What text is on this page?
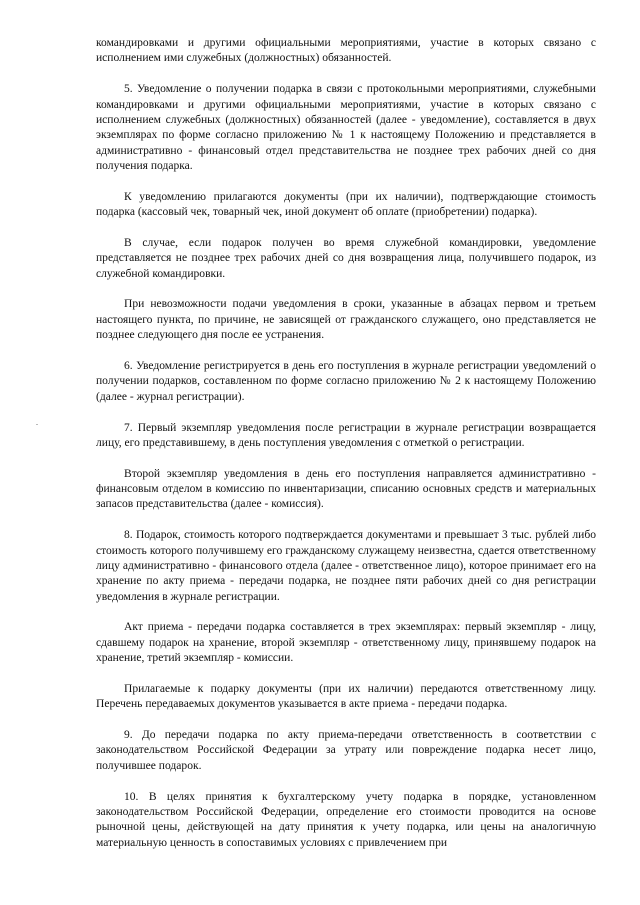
командировками и другими официальными мероприятиями, участие в которых связано с исполнением ими служебных (должностных) обязанностей.

5. Уведомление о получении подарка в связи с протокольными мероприятиями, служебными командировками и другими официальными мероприятиями, участие в которых связано с исполнением служебных (должностных) обязанностей (далее - уведомление), составляется в двух экземплярах по форме согласно приложению № 1 к настоящему Положению и представляется в административно - финансовый отдел представительства не позднее трех рабочих дней со дня получения подарка.

К уведомлению прилагаются документы (при их наличии), подтверждающие стоимость подарка (кассовый чек, товарный чек, иной документ об оплате (приобретении) подарка).

В случае, если подарок получен во время служебной командировки, уведомление представляется не позднее трех рабочих дней со дня возвращения лица, получившего подарок, из служебной командировки.

При невозможности подачи уведомления в сроки, указанные в абзацах первом и третьем настоящего пункта, по причине, не зависящей от гражданского служащего, оно представляется не позднее следующего дня после ее устранения.

6. Уведомление регистрируется в день его поступления в журнале регистрации уведомлений о получении подарков, составленном по форме согласно приложению № 2 к настоящему Положению (далее - журнал регистрации).

7. Первый экземпляр уведомления после регистрации в журнале регистрации возвращается лицу, его представившему, в день поступления уведомления с отметкой о регистрации.

Второй экземпляр уведомления в день его поступления направляется административно - финансовым отделом в комиссию по инвентаризации, списанию основных средств и материальных запасов представительства (далее - комиссия).

8. Подарок, стоимость которого подтверждается документами и превышает 3 тыс. рублей либо стоимость которого получившему его гражданскому служащему неизвестна, сдается ответственному лицу административно - финансового отдела (далее - ответственное лицо), которое принимает его на хранение по акту приема - передачи подарка, не позднее пяти рабочих дней со дня регистрации уведомления в журнале регистрации.

Акт приема - передачи подарка составляется в трех экземплярах: первый экземпляр - лицу, сдавшему подарок на хранение, второй экземпляр - ответственному лицу, принявшему подарок на хранение, третий экземпляр - комиссии.

Прилагаемые к подарку документы (при их наличии) передаются ответственному лицу. Перечень передаваемых документов указывается в акте приема - передачи подарка.

9. До передачи подарка по акту приема-передачи ответственность в соответствии с законодательством Российской Федерации за утрату или повреждение подарка несет лицо, получившее подарок.

10. В целях принятия к бухгалтерскому учету подарка в порядке, установленном законодательством Российской Федерации, определение его стоимости проводится на основе рыночной цены, действующей на дату принятия к учету подарка, или цены на аналогичную материальную ценность в сопоставимых условиях с привлечением при
